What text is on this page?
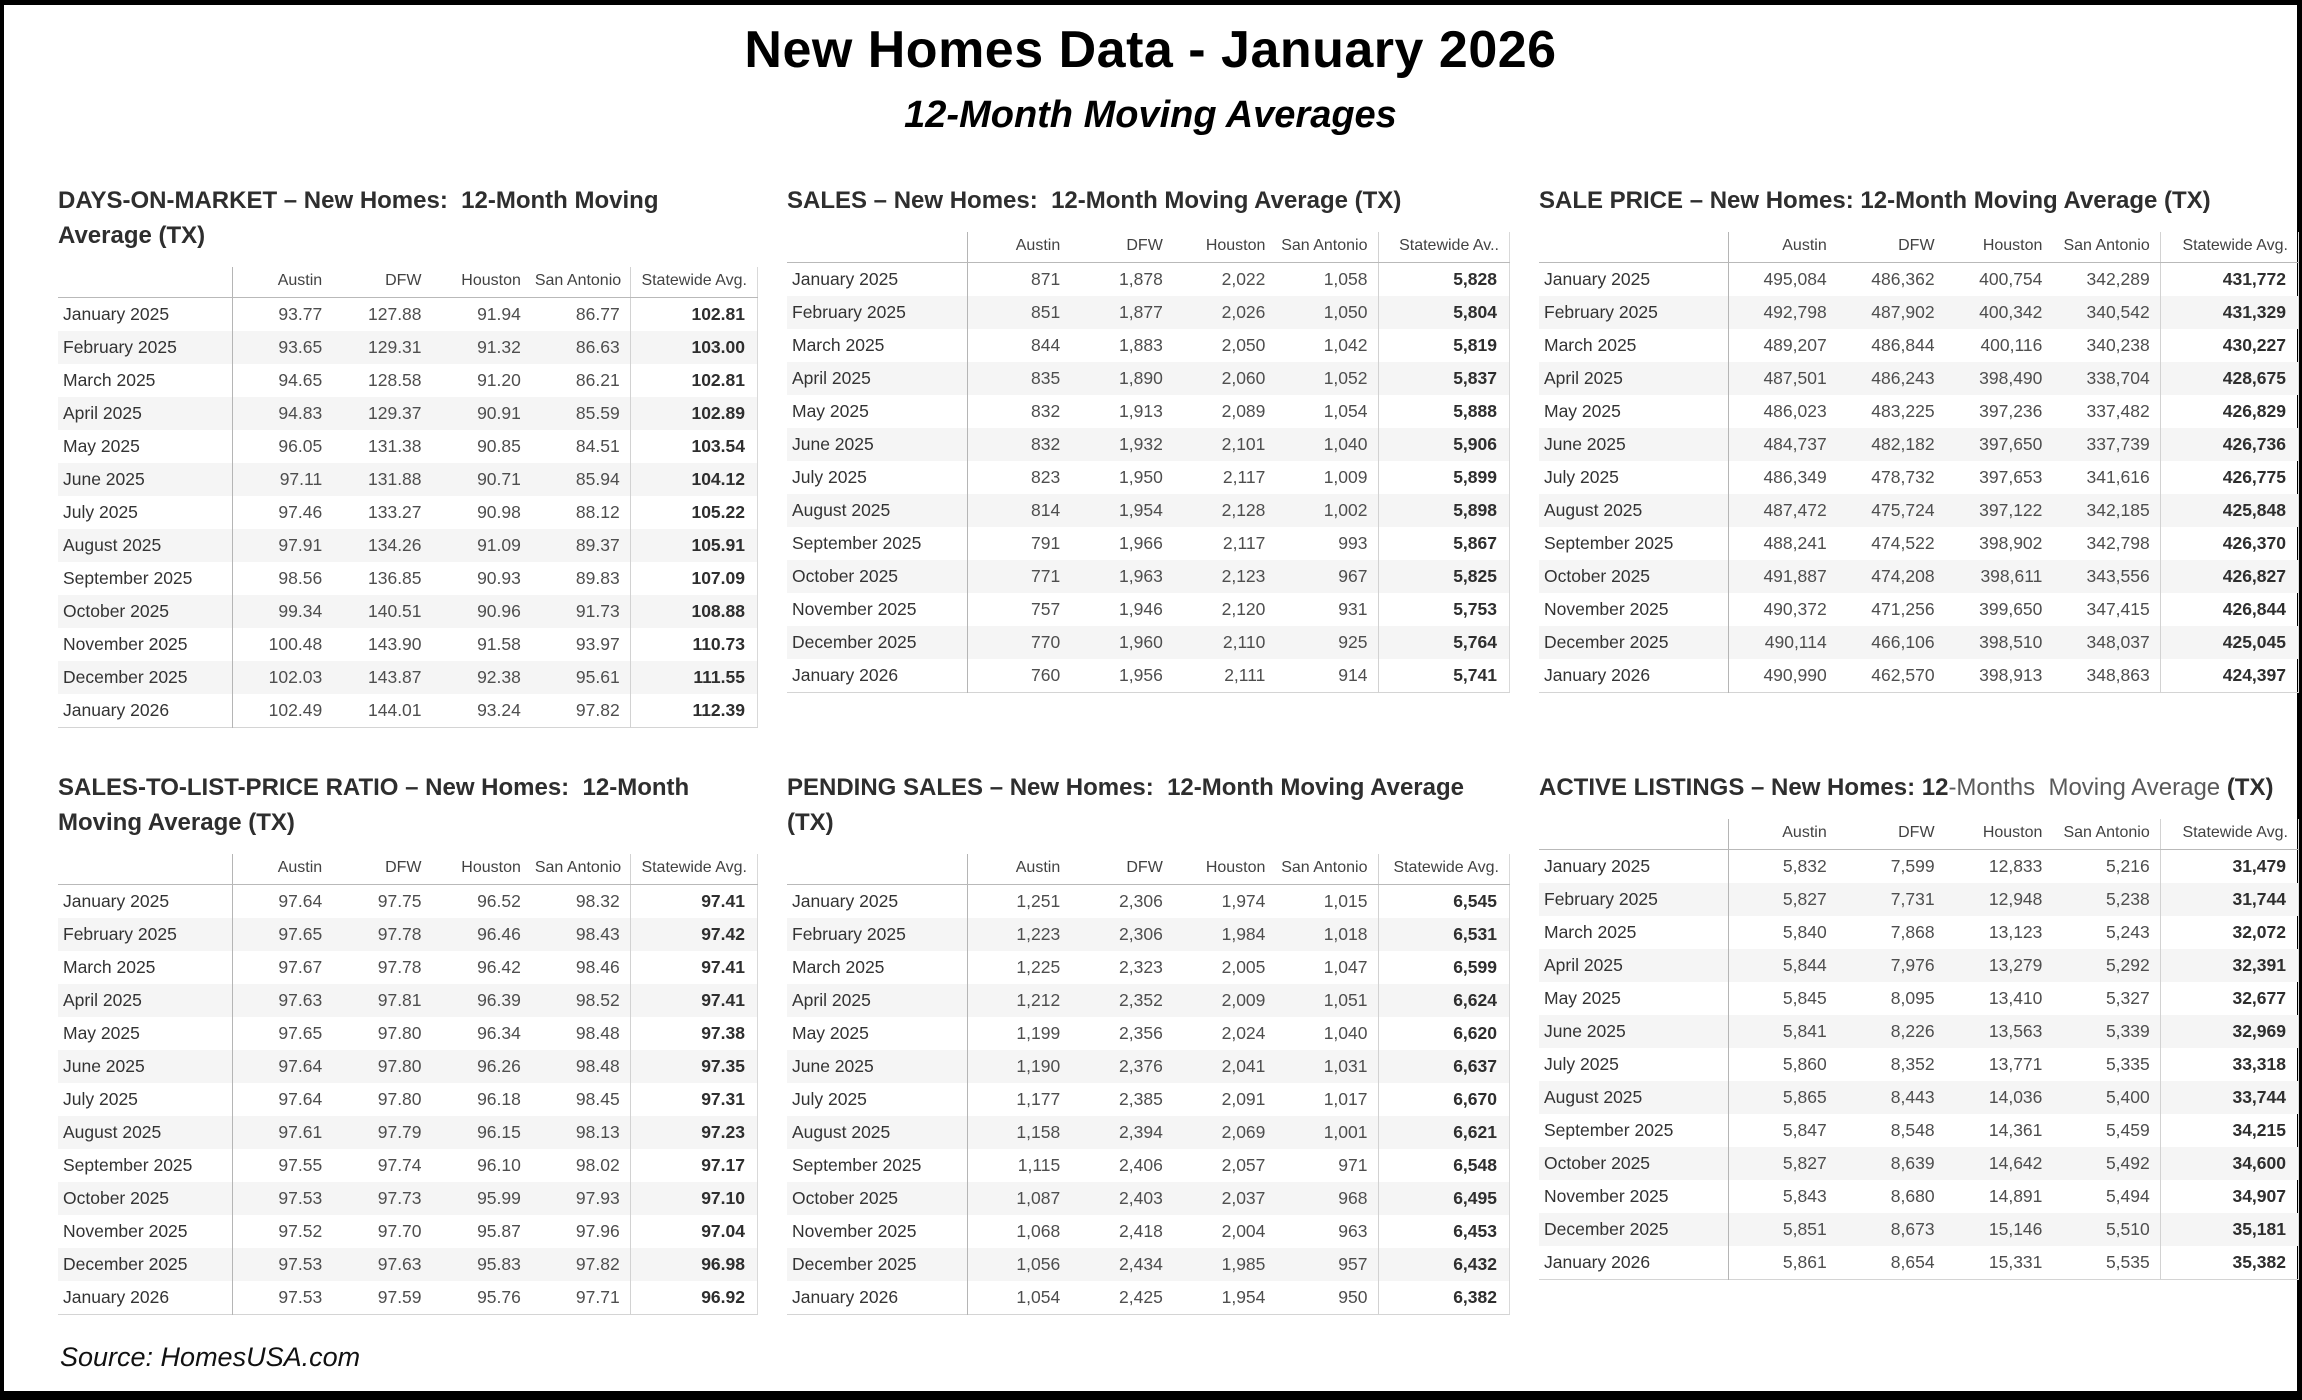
New Homes Data - January 2026
12-Month Moving Averages
DAYS-ON-MARKET – New Homes:  12-Month Moving Average (TX)
	Austin	DFW	Houston	San Antonio	Statewide Avg.
January 2025	93.77	127.88	91.94	86.77	102.81
February 2025	93.65	129.31	91.32	86.63	103.00
March 2025	94.65	128.58	91.20	86.21	102.81
April 2025	94.83	129.37	90.91	85.59	102.89
May 2025	96.05	131.38	90.85	84.51	103.54
June 2025	97.11	131.88	90.71	85.94	104.12
July 2025	97.46	133.27	90.98	88.12	105.22
August 2025	97.91	134.26	91.09	89.37	105.91
September 2025	98.56	136.85	90.93	89.83	107.09
October 2025	99.34	140.51	90.96	91.73	108.88
November 2025	100.48	143.90	91.58	93.97	110.73
December 2025	102.03	143.87	92.38	95.61	111.55
January 2026	102.49	144.01	93.24	97.82	112.39
SALES – New Homes:  12-Month Moving Average (TX)
	Austin	DFW	Houston	San Antonio	Statewide Av..
January 2025	871	1,878	2,022	1,058	5,828
February 2025	851	1,877	2,026	1,050	5,804
March 2025	844	1,883	2,050	1,042	5,819
April 2025	835	1,890	2,060	1,052	5,837
May 2025	832	1,913	2,089	1,054	5,888
June 2025	832	1,932	2,101	1,040	5,906
July 2025	823	1,950	2,117	1,009	5,899
August 2025	814	1,954	2,128	1,002	5,898
September 2025	791	1,966	2,117	993	5,867
October 2025	771	1,963	2,123	967	5,825
November 2025	757	1,946	2,120	931	5,753
December 2025	770	1,960	2,110	925	5,764
January 2026	760	1,956	2,111	914	5,741
SALE PRICE – New Homes: 12-Month Moving Average (TX)
	Austin	DFW	Houston	San Antonio	Statewide Avg.
January 2025	495,084	486,362	400,754	342,289	431,772
February 2025	492,798	487,902	400,342	340,542	431,329
March 2025	489,207	486,844	400,116	340,238	430,227
April 2025	487,501	486,243	398,490	338,704	428,675
May 2025	486,023	483,225	397,236	337,482	426,829
June 2025	484,737	482,182	397,650	337,739	426,736
July 2025	486,349	478,732	397,653	341,616	426,775
August 2025	487,472	475,724	397,122	342,185	425,848
September 2025	488,241	474,522	398,902	342,798	426,370
October 2025	491,887	474,208	398,611	343,556	426,827
November 2025	490,372	471,256	399,650	347,415	426,844
December 2025	490,114	466,106	398,510	348,037	425,045
January 2026	490,990	462,570	398,913	348,863	424,397
SALES-TO-LIST-PRICE RATIO – New Homes:  12-Month Moving Average (TX)
	Austin	DFW	Houston	San Antonio	Statewide Avg.
January 2025	97.64	97.75	96.52	98.32	97.41
February 2025	97.65	97.78	96.46	98.43	97.42
March 2025	97.67	97.78	96.42	98.46	97.41
April 2025	97.63	97.81	96.39	98.52	97.41
May 2025	97.65	97.80	96.34	98.48	97.38
June 2025	97.64	97.80	96.26	98.48	97.35
July 2025	97.64	97.80	96.18	98.45	97.31
August 2025	97.61	97.79	96.15	98.13	97.23
September 2025	97.55	97.74	96.10	98.02	97.17
October 2025	97.53	97.73	95.99	97.93	97.10
November 2025	97.52	97.70	95.87	97.96	97.04
December 2025	97.53	97.63	95.83	97.82	96.98
January 2026	97.53	97.59	95.76	97.71	96.92
PENDING SALES – New Homes:  12-Month Moving Average (TX)
	Austin	DFW	Houston	San Antonio	Statewide Avg.
January 2025	1,251	2,306	1,974	1,015	6,545
February 2025	1,223	2,306	1,984	1,018	6,531
March 2025	1,225	2,323	2,005	1,047	6,599
April 2025	1,212	2,352	2,009	1,051	6,624
May 2025	1,199	2,356	2,024	1,040	6,620
June 2025	1,190	2,376	2,041	1,031	6,637
July 2025	1,177	2,385	2,091	1,017	6,670
August 2025	1,158	2,394	2,069	1,001	6,621
September 2025	1,115	2,406	2,057	971	6,548
October 2025	1,087	2,403	2,037	968	6,495
November 2025	1,068	2,418	2,004	963	6,453
December 2025	1,056	2,434	1,985	957	6,432
January 2026	1,054	2,425	1,954	950	6,382
ACTIVE LISTINGS – New Homes: 12-Months  Moving Average (TX)
	Austin	DFW	Houston	San Antonio	Statewide Avg.
January 2025	5,832	7,599	12,833	5,216	31,479
February 2025	5,827	7,731	12,948	5,238	31,744
March 2025	5,840	7,868	13,123	5,243	32,072
April 2025	5,844	7,976	13,279	5,292	32,391
May 2025	5,845	8,095	13,410	5,327	32,677
June 2025	5,841	8,226	13,563	5,339	32,969
July 2025	5,860	8,352	13,771	5,335	33,318
August 2025	5,865	8,443	14,036	5,400	33,744
September 2025	5,847	8,548	14,361	5,459	34,215
October 2025	5,827	8,639	14,642	5,492	34,600
November 2025	5,843	8,680	14,891	5,494	34,907
December 2025	5,851	8,673	15,146	5,510	35,181
January 2026	5,861	8,654	15,331	5,535	35,382
Source: HomesUSA.com
